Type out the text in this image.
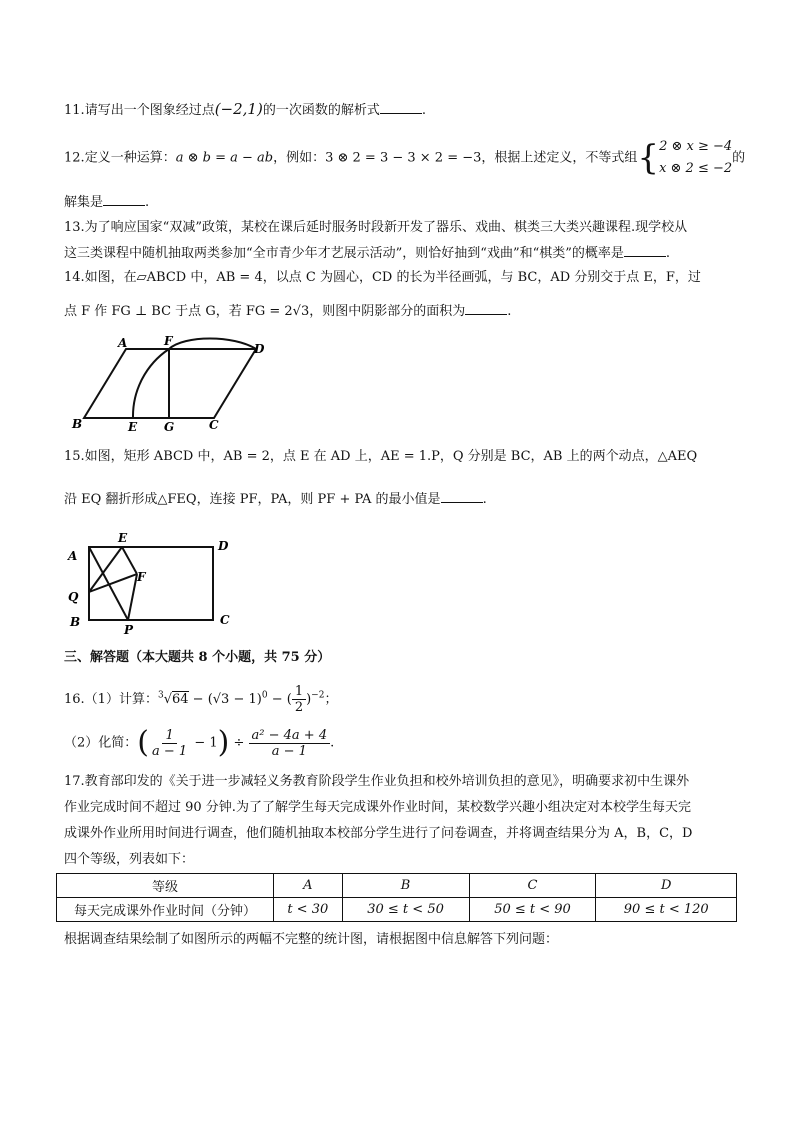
11.请写出一个图象经过点(−2,1)的一次函数的解析式	.
12.定义一种运算：a ⊗ b = a − ab，例如：3 ⊗ 2 = 3 − 3 × 2 = −3，根据上述定义，不等式组{2 ⊗ x ≥ −4
x ⊗ 2 ≤ −2的
解集是	.
13.为了响应国家“双减”政策，某校在课后延时服务时段新开发了器乐、戏曲、棋类三大类兴趣课程.现学校从
这三类课程中随机抽取两类参加“全市青少年才艺展示活动”，则恰好抽到“戏曲”和“棋类”的概率是	.
14.如图，在▱ABCD 中，AB = 4，以点 C 为圆心，CD 的长为半径画弧，与 BC，AD 分别交于点 E，F，过
点 F 作 FG ⊥ BC 于点 G，若 FG = 2√3，则图中阴影部分的面积为	.
A	F
D
B	E G	C
15.如图，矩形 ABCD 中，AB = 2，点 E 在 AD 上，AE = 1.P，Q 分别是 BC，AB 上的两个动点，△AEQ
沿 EQ 翻折形成△FEQ，连接 PF，PA，则 PF + PA 的最小值是	.
A
E
D
F
Q
B
P
C
三、解答题（本大题共 8 个小题，共 75 分）
16.（1）计算：$^3√64 - (√3 - 1)^0$ − ( $\frac{1}{2} )^{-2}$；
（2）化简：( $\frac{1}{a - 1} - 1) \div \frac{\text{a² − 4a + 4}}{a - 1}$ .
17.教育部印发的《关于进一步减轻义务教育阶段学生作业负担和校外培训负担的意见》，明确要求初中生课外
作业完成时间不超过 90 分钟.为了了解学生每天完成课外作业时间，某校数学兴趣小组决定对本校学生每天完
成课外作业所用时间进行调查，他们随机抽取本校部分学生进行了问卷调查，并将调查结果分为 A，B，C，D
四个等级，列表如下：
等级	A	B	C	D
每天完成课外作业时间（分钟）	t < 30	30 ≤ t < 50	50 ≤ t < 90	90 ≤ t < 120
根据调查结果绘制了如图所示的两幅不完整的统计图，请根据图中信息解答下列问题：
